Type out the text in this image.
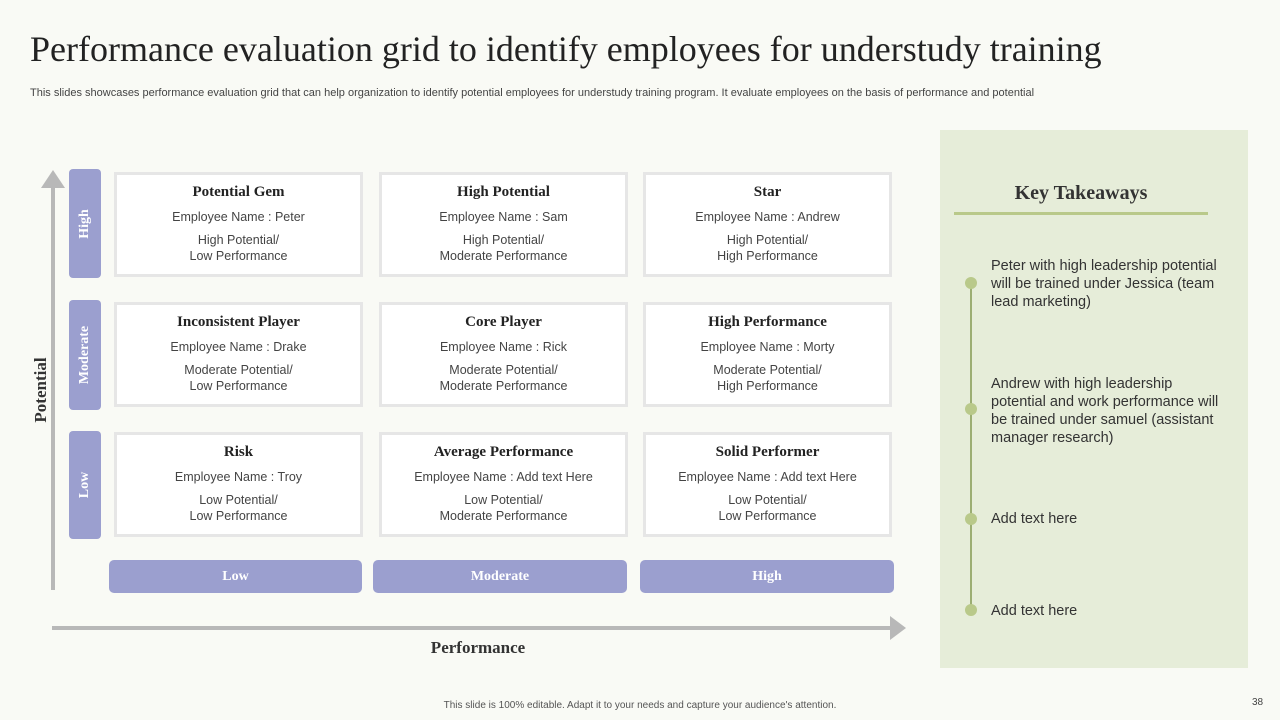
Performance evaluation grid to identify employees for understudy training
This slides showcases performance evaluation grid that can help organization to identify potential employees for understudy training program. It evaluate employees on the basis of performance and potential
Potential
Performance
High
Moderate
Low
Low	Moderate	High
Potential Gem
Employee Name : Peter
High Potential/
Low Performance
High Potential
Employee Name : Sam
High Potential/
Moderate Performance
Star
Employee Name : Andrew
High Potential/
High Performance
Inconsistent Player
Employee Name : Drake
Moderate Potential/
Low Performance
Core Player
Employee Name : Rick
Moderate Potential/
Moderate Performance
High Performance
Employee Name : Morty
Moderate Potential/
High Performance
Risk
Employee Name : Troy
Low Potential/
Low Performance
Average Performance
Employee Name : Add text Here
Low Potential/
Moderate Performance
Solid Performer
Employee Name : Add text Here
Low Potential/
Low Performance
Key Takeaways
Peter with high leadership potential will be trained under Jessica (team lead marketing)
Andrew with high leadership potential and work performance will be trained under samuel (assistant manager research)
Add text here
Add text here
This slide is 100% editable. Adapt it to your needs and capture your audience's attention.	38
